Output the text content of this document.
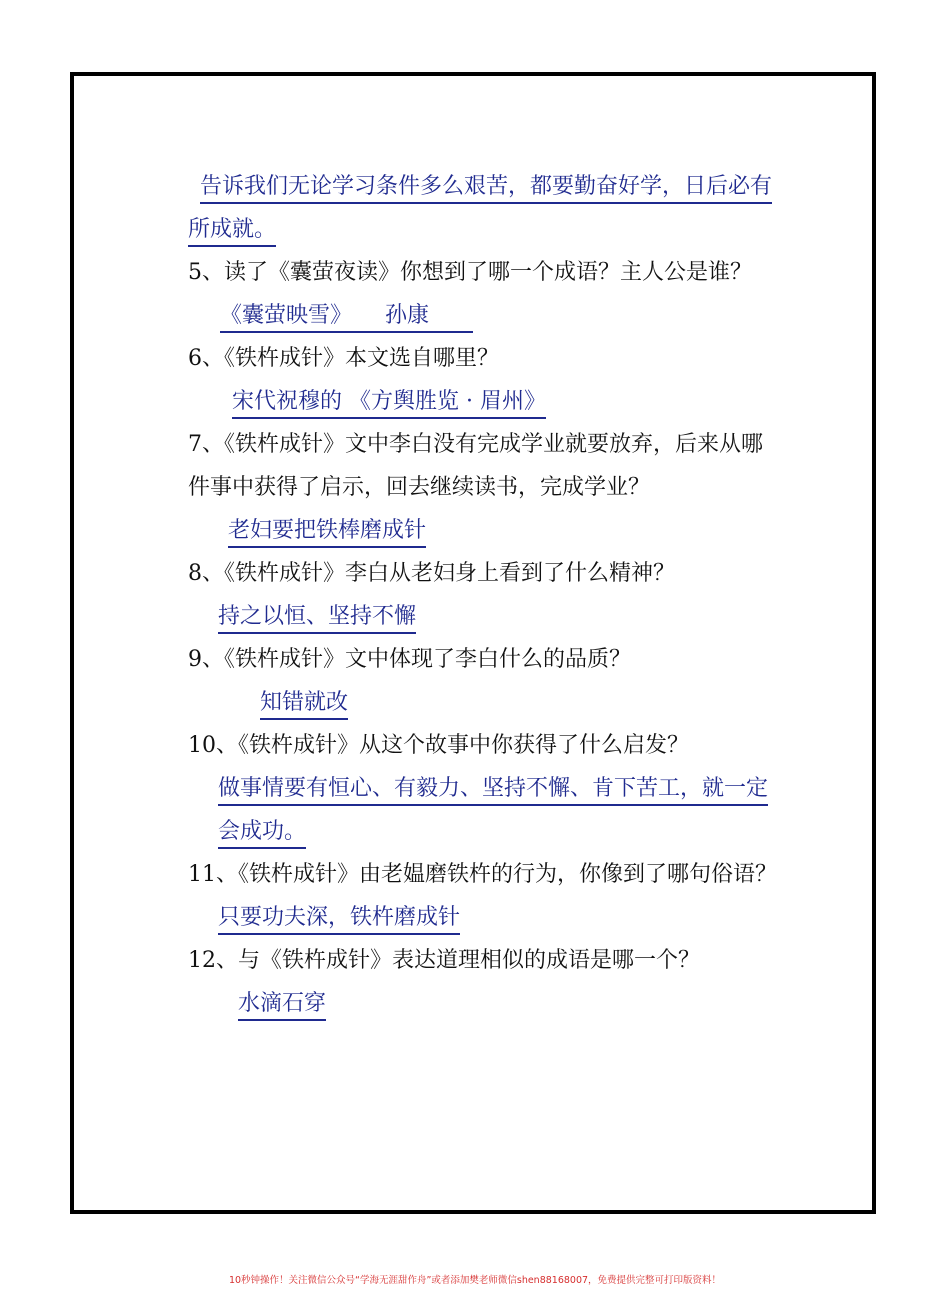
告诉我们无论学习条件多么艰苦，都要勤奋好学，日后必有
所成就。
5、读了《囊萤夜读》你想到了哪一个成语？主人公是谁？
《囊萤映雪》　　孙康　　
6、《铁杵成针》本文选自哪里？
宋代祝穆的 《方舆胜览 · 眉州》
7、《铁杵成针》文中李白没有完成学业就要放弃，后来从哪
件事中获得了启示，回去继续读书，完成学业？
老妇要把铁棒磨成针
8、《铁杵成针》李白从老妇身上看到了什么精神？
持之以恒、坚持不懈
9、《铁杵成针》文中体现了李白什么的品质？
知错就改
10、《铁杵成针》从这个故事中你获得了什么启发？
做事情要有恒心、有毅力、坚持不懈、肯下苦工，就一定
会成功。
11、《铁杵成针》由老媪磨铁杵的行为，你像到了哪句俗语？
只要功夫深，铁杵磨成针
12、与《铁杵成针》表达道理相似的成语是哪一个？
水滴石穿
10秒钟操作！关注微信公众号“学海无涯甜作舟”或者添加樊老师微信shen88168007，免费提供完整可打印版资料！
